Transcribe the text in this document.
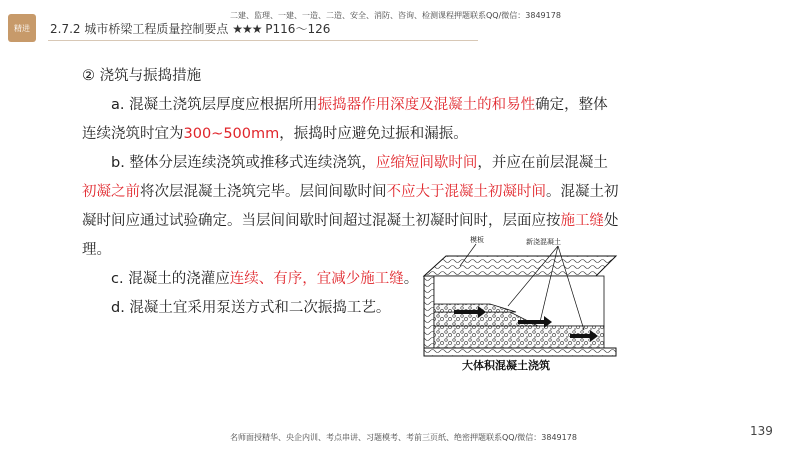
精进
二建、监理、一建、一造、二造、安全、消防、咨询、检测课程押题联系QQ/微信：3849178
2.7.2 城市桥梁工程质量控制要点 ★★★ P116～126

② 浇筑与振捣措施

a. 混凝土浇筑层厚度应根据所用振捣器作用深度及混凝土的和易性确定，整体连续浇筑时宜为300~500mm，振捣时应避免过振和漏振。

b. 整体分层连续浇筑或推移式连续浇筑，应缩短间歇时间，并应在前层混凝土初凝之前将次层混凝土浇筑完毕。层间间歇时间不应大于混凝土初凝时间。混凝土初凝时间应通过试验确定。当层间间歇时间超过混凝土初凝时间时，层面应按施工缝处理。

c. 混凝土的浇灌应连续、有序，宜减少施工缝。

d. 混凝土宜采用泵送方式和二次振捣工艺。

模板	新浇混凝土
大体积混凝土浇筑
139
名师面授精华、央企内训、考点串讲、习题模考、考前三页纸、绝密押题联系QQ/微信：3849178
